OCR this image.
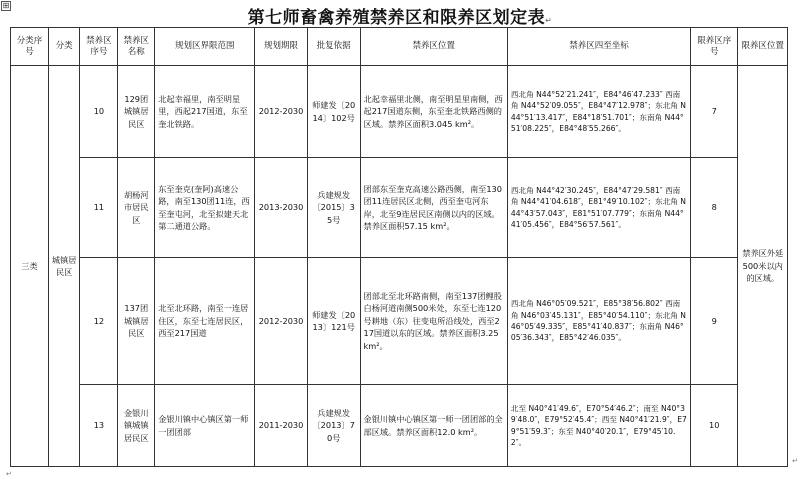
⊞
第七师畜禽养殖禁养区和限养区划定表↵
分类序号	分类	禁养区序号	禁养区名称	规划区界限范围	规划期限	批复依据	禁养区位置	禁养区四至坐标	限养区序号	限养区位置
三类	城镇居民区	10	129团城镇居民区	北起幸福里，南至明星里，西起217国道，东至奎北铁路。	2012-2030	师建发〔2014〕102号	北起幸福里北侧，南至明星里南侧，西起217国道东侧，东至奎北铁路西侧的区域。禁养区面积3.045 km²。	西北角 N44°52′21.241″，E84°46′47.233″ 西南角 N44°52′09.055″，E84°47′12.978″；东北角 N44°51′13.417″，E84°18′51.701″；东南角 N44°51′08.225″，E84°48′55.266″。	7	禁养区外延500米以内的区域。
		11	胡杨河市居民区	东至奎克(奎阿)高速公路，南至130团11连，西至奎屯河，北至拟建天北第二通道公路。	2013-2030	兵建规发〔2015〕35号	团部东至奎克高速公路西侧，南至130团11连居民区北侧，西至奎屯河东岸，北至9连居民区南侧以内的区域。禁养区面积57.15 km²。	西北角 N44°42′30.245″，E84°47′29.581″ 西南角 N44°41′04.618″，E81°49′10.102″；东北角 N44°43′57.043″，E81°51′07.779″；东南角 N44°41′05.456″，E84°56′57.561″。	8	
		12	137团城镇居民区	北至北环路，南至一连居住区，东至七连居民区，西至217国道	2012-2030	师建发〔2013〕121号	团部北至北环路南侧，南至137团鲤股白杨河道南侧500米处，东至七连120号耕地（东）往变电所沿线处，西至217国道以东的区域。禁养区面积3.25 km²。	西北角 N46°05′09.521″，E85°38′56.802″ 西南角 N46°03′45.131″，E85°40′54.110″；东北角 N46°05′49.335″，E85°41′40.837″；东南角 N46°05′36.343″，E85°42′46.035″。	9	
		13	金银川镇城镇居民区	金银川镇中心镇区第一师一团团部	2011-2030	兵建规发〔2013〕70号	金银川镇中心镇区第一师一团团部的全部区域。禁养区面积12.0 km²。	北至 N40°41′49.6″，E70°54′46.2″；南至 N40°39′48.0″，E79°52′45.4″；西至 N40°41′21.9″，E79°51′59.3″；东至 N40°40′20.1″，E79°45′10.2″。	10	
↵
↵
